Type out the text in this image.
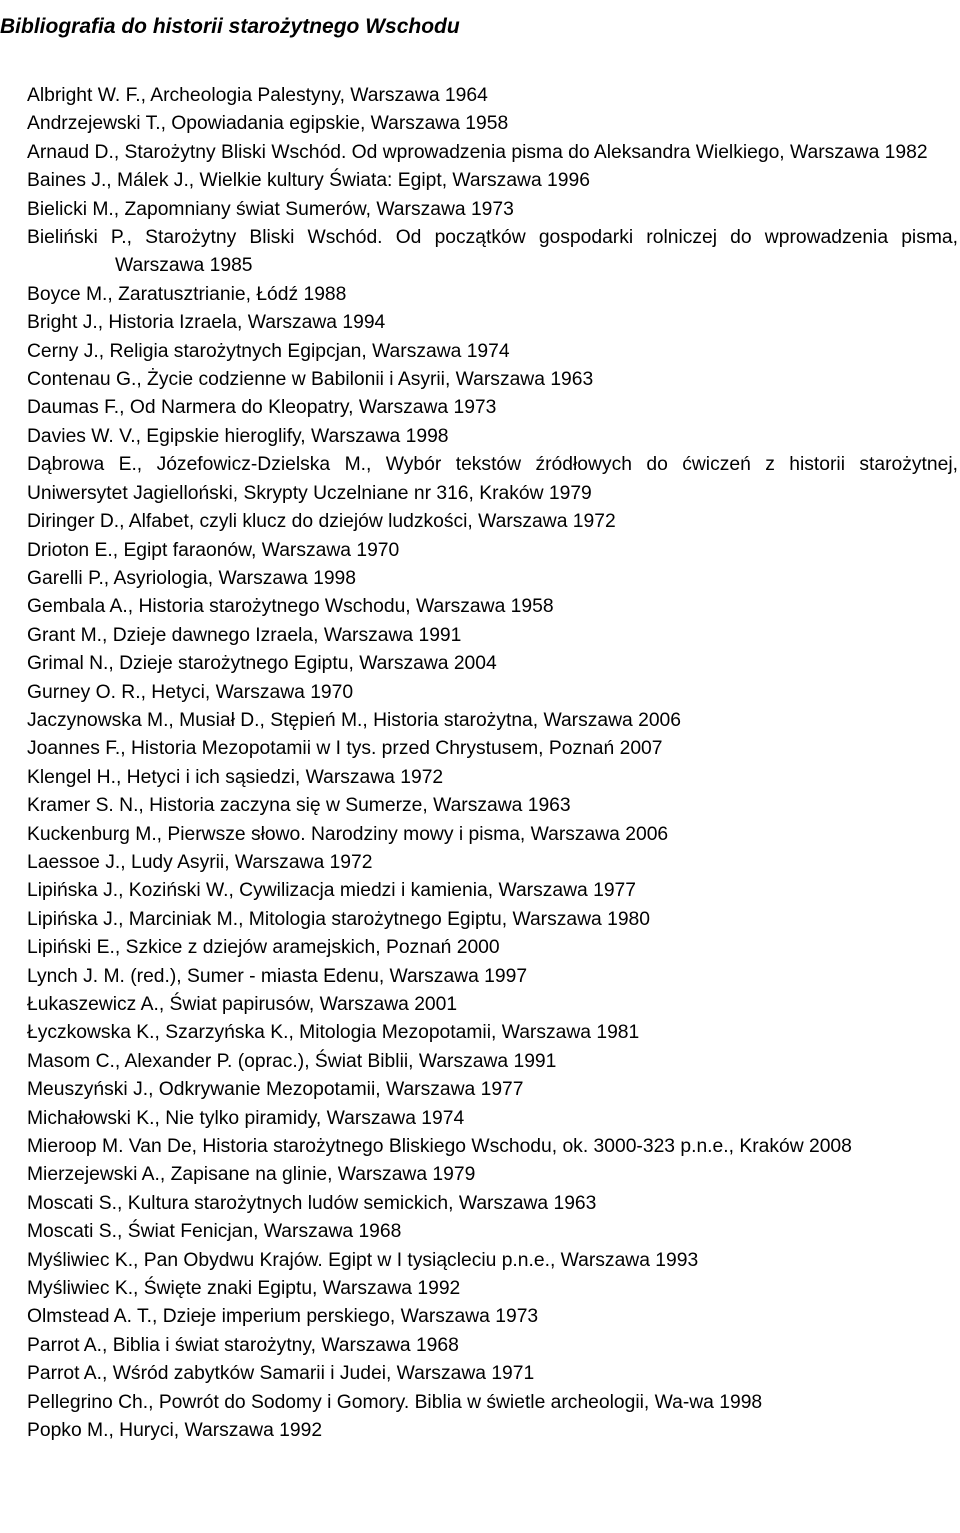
Bibliografia do historii starożytnego Wschodu
Albright W. F., Archeologia Palestyny, Warszawa 1964
Andrzejewski T., Opowiadania egipskie, Warszawa 1958
Arnaud D., Starożytny Bliski Wschód. Od wprowadzenia pisma do Aleksandra Wielkiego, Warszawa 1982
Baines J., Málek J., Wielkie kultury Świata: Egipt, Warszawa 1996
Bielicki M., Zapomniany świat Sumerów, Warszawa 1973
Bieliński P., Starożytny Bliski Wschód. Od początków gospodarki rolniczej do wprowadzenia pisma, Warszawa 1985
Boyce M., Zaratusztrianie, Łódź 1988
Bright J., Historia Izraela, Warszawa 1994
Cerny J., Religia starożytnych Egipcjan, Warszawa 1974
Contenau G., Życie codzienne w Babilonii i Asyrii, Warszawa 1963
Daumas F., Od Narmera do Kleopatry, Warszawa 1973
Davies W. V., Egipskie hieroglify, Warszawa 1998
Dąbrowa E., Józefowicz-Dzielska M., Wybór tekstów źródłowych do ćwiczeń z historii starożytnej, Uniwersytet Jagielloński, Skrypty Uczelniane nr 316, Kraków 1979
Diringer D., Alfabet, czyli klucz do dziejów ludzkości, Warszawa 1972
Drioton E., Egipt faraonów, Warszawa 1970
Garelli P., Asyriologia, Warszawa 1998
Gembala A., Historia starożytnego Wschodu, Warszawa 1958
Grant M., Dzieje dawnego Izraela, Warszawa 1991
Grimal N., Dzieje starożytnego Egiptu, Warszawa 2004
Gurney O. R., Hetyci, Warszawa 1970
Jaczynowska M., Musiał D., Stępień M., Historia starożytna, Warszawa 2006
Joannes F., Historia Mezopotamii w I tys. przed Chrystusem, Poznań 2007
Klengel H., Hetyci i ich sąsiedzi, Warszawa 1972
Kramer S. N., Historia zaczyna się w Sumerze, Warszawa 1963
Kuckenburg M., Pierwsze słowo. Narodziny mowy i pisma, Warszawa 2006
Laessoe J., Ludy Asyrii, Warszawa 1972
Lipińska J., Koziński W., Cywilizacja miedzi i kamienia, Warszawa 1977
Lipińska J., Marciniak M., Mitologia starożytnego Egiptu, Warszawa 1980
Lipiński E., Szkice z dziejów aramejskich, Poznań 2000
Lynch J. M. (red.), Sumer - miasta Edenu, Warszawa 1997
Łukaszewicz A., Świat papirusów, Warszawa 2001
Łyczkowska K., Szarzyńska K., Mitologia Mezopotamii, Warszawa 1981
Masom C., Alexander P. (oprac.), Świat Biblii, Warszawa 1991
Meuszyński J., Odkrywanie Mezopotamii, Warszawa 1977
Michałowski K., Nie tylko piramidy, Warszawa 1974
Mieroop M. Van De, Historia starożytnego Bliskiego Wschodu, ok. 3000-323 p.n.e., Kraków 2008
Mierzejewski A., Zapisane na glinie, Warszawa 1979
Moscati S., Kultura starożytnych ludów semickich, Warszawa 1963
Moscati S., Świat Fenicjan, Warszawa 1968
Myśliwiec K., Pan Obydwu Krajów. Egipt w I tysiącleciu p.n.e., Warszawa 1993
Myśliwiec K., Święte znaki Egiptu, Warszawa 1992
Olmstead A. T., Dzieje imperium perskiego, Warszawa 1973
Parrot A., Biblia i świat starożytny, Warszawa 1968
Parrot A., Wśród zabytków Samarii i Judei, Warszawa 1971
Pellegrino Ch., Powrót do Sodomy i Gomory. Biblia w świetle archeologii, Wa-wa 1998
Popko M., Huryci, Warszawa 1992
